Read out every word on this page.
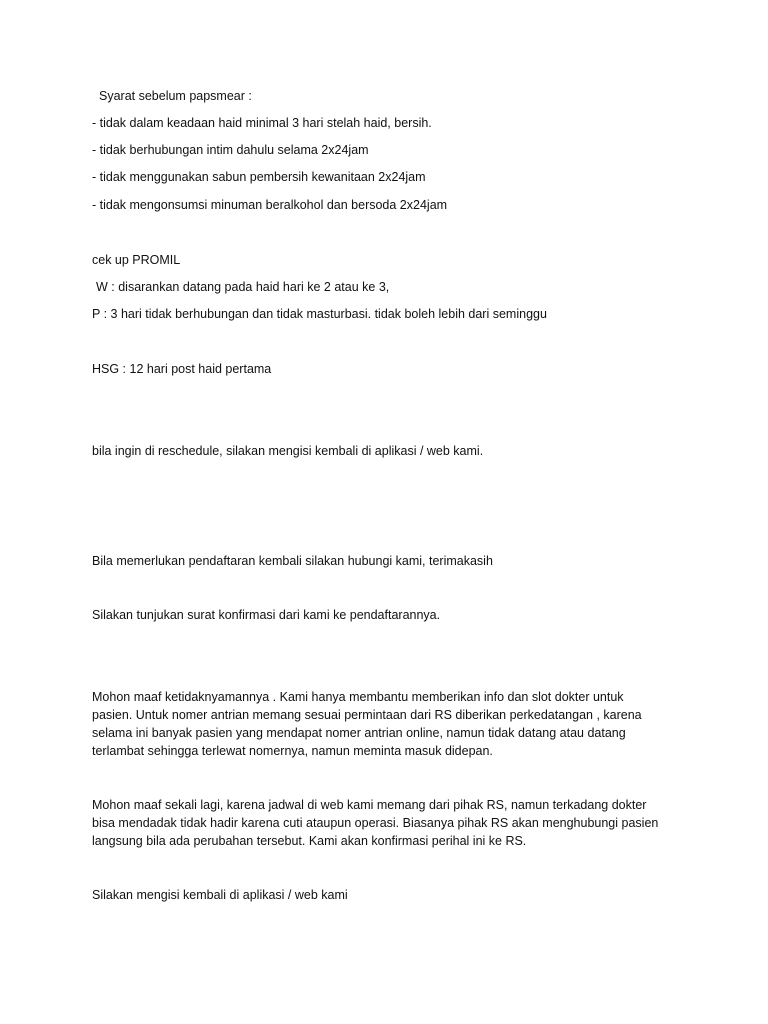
Syarat sebelum papsmear :
- tidak dalam keadaan haid minimal 3 hari stelah haid, bersih.
- tidak berhubungan intim dahulu selama 2x24jam
- tidak menggunakan sabun pembersih kewanitaan 2x24jam
- tidak mengonsumsi minuman beralkohol dan bersoda 2x24jam
cek up PROMIL
W : disarankan datang pada haid hari ke 2 atau ke 3,
P : 3 hari tidak berhubungan dan tidak masturbasi. tidak boleh lebih dari seminggu
HSG : 12 hari post haid pertama
bila ingin di reschedule, silakan mengisi kembali di aplikasi / web kami.
Bila memerlukan pendaftaran kembali silakan hubungi kami, terimakasih
Silakan tunjukan surat konfirmasi dari kami ke pendaftarannya.
Mohon maaf ketidaknyamannya . Kami hanya membantu memberikan info dan slot dokter untuk
pasien. Untuk nomer antrian memang sesuai permintaan dari RS diberikan perkedatangan , karena
selama ini banyak pasien yang mendapat nomer antrian online, namun tidak datang atau datang
terlambat sehingga terlewat nomernya, namun meminta masuk didepan.
Mohon maaf sekali lagi, karena jadwal di web kami memang dari pihak RS, namun terkadang dokter
bisa mendadak tidak hadir karena cuti ataupun operasi. Biasanya pihak RS akan menghubungi pasien
langsung bila ada perubahan tersebut. Kami akan konfirmasi perihal ini ke RS.
Silakan mengisi kembali di aplikasi / web kami
